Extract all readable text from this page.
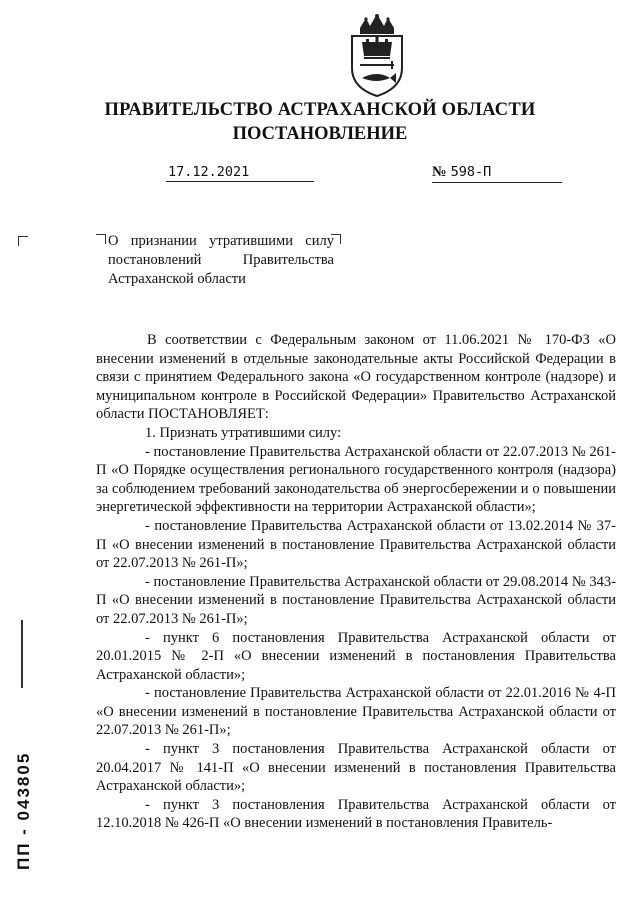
ПРАВИТЕЛЬСТВО АСТРАХАНСКОЙ ОБЛАСТИ
ПОСТАНОВЛЕНИЕ
17.12.2021	№ 598-П
О признании утратившими силу
постановлений Правительства
Астраханской области

В соответствии с Федеральным законом от 11.06.2021 № 170-ФЗ «О внесении изменений в отдельные законодательные акты Российской Федерации в связи с принятием Федерального закона «О государственном контроле (надзоре) и муниципальном контроле в Российской Федерации» Правительство Астраханской области ПОСТАНОВЛЯЕТ:

1. Признать утратившими силу:

- постановление Правительства Астраханской области от 22.07.2013 № 261-П «О Порядке осуществления регионального государственного контроля (надзора) за соблюдением требований законодательства об энергосбережении и о повышении энергетической эффективности на территории Астраханской области»;

- постановление Правительства Астраханской области от 13.02.2014 № 37-П «О внесении изменений в постановление Правительства Астраханской области от 22.07.2013 № 261-П»;

- постановление Правительства Астраханской области от 29.08.2014 № 343-П «О внесении изменений в постановление Правительства Астраханской области от 22.07.2013 № 261-П»;

- пункт 6 постановления Правительства Астраханской области от 20.01.2015 № 2-П «О внесении изменений в постановления Правительства Астраханской области»;

- постановление Правительства Астраханской области от 22.01.2016 № 4-П «О внесении изменений в постановление Правительства Астраханской области от 22.07.2013 № 261-П»;

- пункт 3 постановления Правительства Астраханской области от 20.04.2017 № 141-П «О внесении изменений в постановления Правительства Астраханской области»;

- пункт 3 постановления Правительства Астраханской области от 12.10.2018 № 426-П «О внесении изменений в постановления Правитель-

ПП - 043805
